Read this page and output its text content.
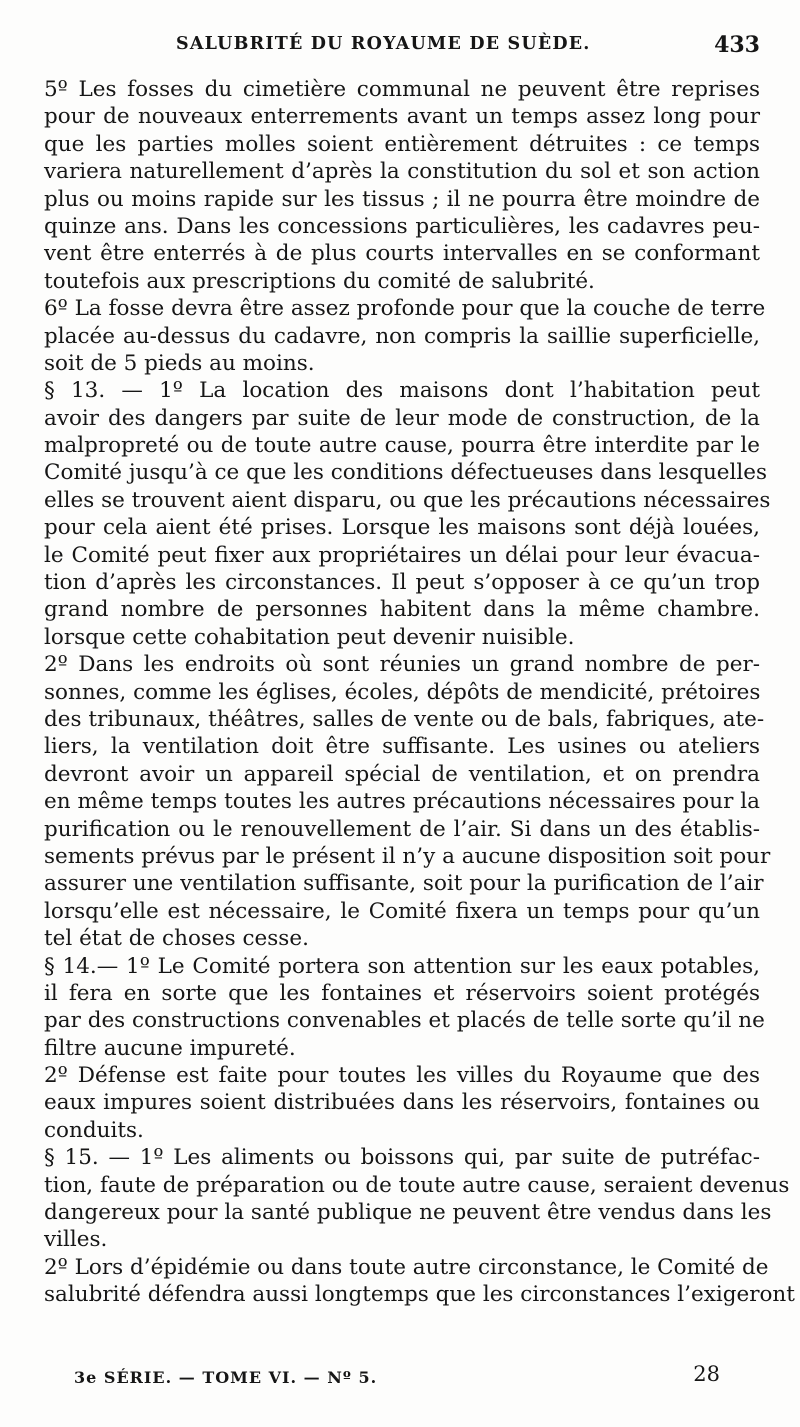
SALUBRITÉ DU ROYAUME DE SUÈDE.	433
5º Les fosses du cimetière communal ne peuvent être reprises
pour de nouveaux enterrements avant un temps assez long pour
que les parties molles soient entièrement détruites : ce temps
variera naturellement d’après la constitution du sol et son action
plus ou moins rapide sur les tissus ; il ne pourra être moindre de
quinze ans. Dans les concessions particulières, les cadavres peu-
vent être enterrés à de plus courts intervalles en se conformant
toutefois aux prescriptions du comité de salubrité.
6º La fosse devra être assez profonde pour que la couche de terre
placée au-dessus du cadavre, non compris la saillie superficielle,
soit de 5 pieds au moins.
§ 13. — 1º La location des maisons dont l’habitation peut
avoir des dangers par suite de leur mode de construction, de la
malpropreté ou de toute autre cause, pourra être interdite par le
Comité jusqu’à ce que les conditions défectueuses dans lesquelles
elles se trouvent aient disparu, ou que les précautions nécessaires
pour cela aient été prises. Lorsque les maisons sont déjà louées,
le Comité peut fixer aux propriétaires un délai pour leur évacua-
tion d’après les circonstances. Il peut s’opposer à ce qu’un trop
grand nombre de personnes habitent dans la même chambre.
lorsque cette cohabitation peut devenir nuisible.
2º Dans les endroits où sont réunies un grand nombre de per-
sonnes, comme les églises, écoles, dépôts de mendicité, prétoires
des tribunaux, théâtres, salles de vente ou de bals, fabriques, ate-
liers, la ventilation doit être suffisante. Les usines ou ateliers
devront avoir un appareil spécial de ventilation, et on prendra
en même temps toutes les autres précautions nécessaires pour la
purification ou le renouvellement de l’air. Si dans un des établis-
sements prévus par le présent il n’y a aucune disposition soit pour
assurer une ventilation suffisante, soit pour la purification de l’air
lorsqu’elle est nécessaire, le Comité fixera un temps pour qu’un
tel état de choses cesse.
§ 14.— 1º Le Comité portera son attention sur les eaux potables,
il fera en sorte que les fontaines et réservoirs soient protégés
par des constructions convenables et placés de telle sorte qu’il ne
filtre aucune impureté.
2º Défense est faite pour toutes les villes du Royaume que des
eaux impures soient distribuées dans les réservoirs, fontaines ou
conduits.
§ 15. — 1º Les aliments ou boissons qui, par suite de putréfac-
tion, faute de préparation ou de toute autre cause, seraient devenus
dangereux pour la santé publique ne peuvent être vendus dans les
villes.
2º Lors d’épidémie ou dans toute autre circonstance, le Comité de
salubrité défendra aussi longtemps que les circonstances l’exigeront
3e SÉRIE. — TOME VI. — Nº 5.	28
